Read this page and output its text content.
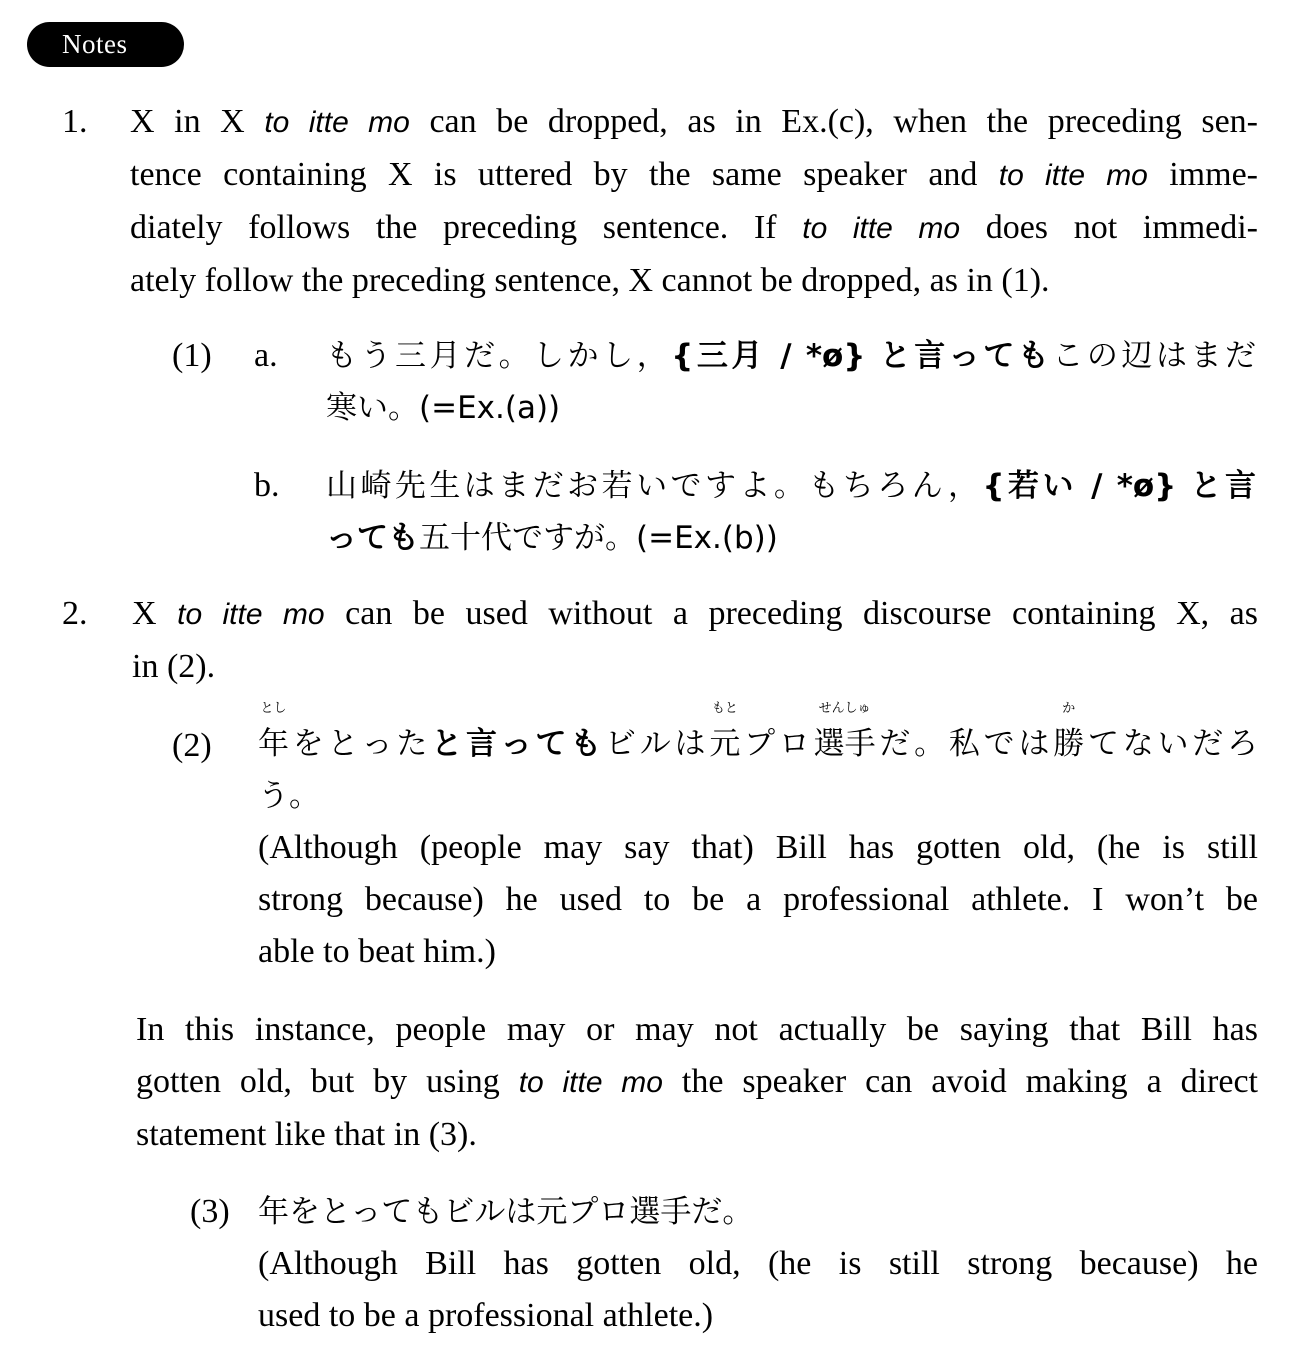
Notes
1. X in X to itte mo can be dropped, as in Ex.(c), when the preceding sen-
tence containing X is uttered by the same speaker and to itte mo imme-
diately follows the preceding sentence. If to itte mo does not immedi-
ately follow the preceding sentence, X cannot be dropped, as in (1).
(1) a. もう三月だ。しかし，{三月 / *ø} と言ってもこの辺はまだ
寒い。(=Ex.(a))
b. 山崎先生はまだお若いですよ。もちろん，{若い / *ø} と言
っても五十代ですが。(=Ex.(b))
2. X to itte mo can be used without a preceding discourse containing X, as
in (2).
(2) 年
とし
をとったと言ってもビルは元
もと
プロ選手
せんしゅ
だ。私では勝
か
てないだろ
う。
(Although (people may say that) Bill has gotten old, (he is still
strong because) he used to be a professional athlete. I won’t be
able to beat him.)
In this instance, people may or may not actually be saying that Bill has
gotten old, but by using to itte mo the speaker can avoid making a direct
statement like that in (3).
(3) 年をとってもビルは元プロ選手だ。
(Although Bill has gotten old, (he is still strong because) he
used to be a professional athlete.)
